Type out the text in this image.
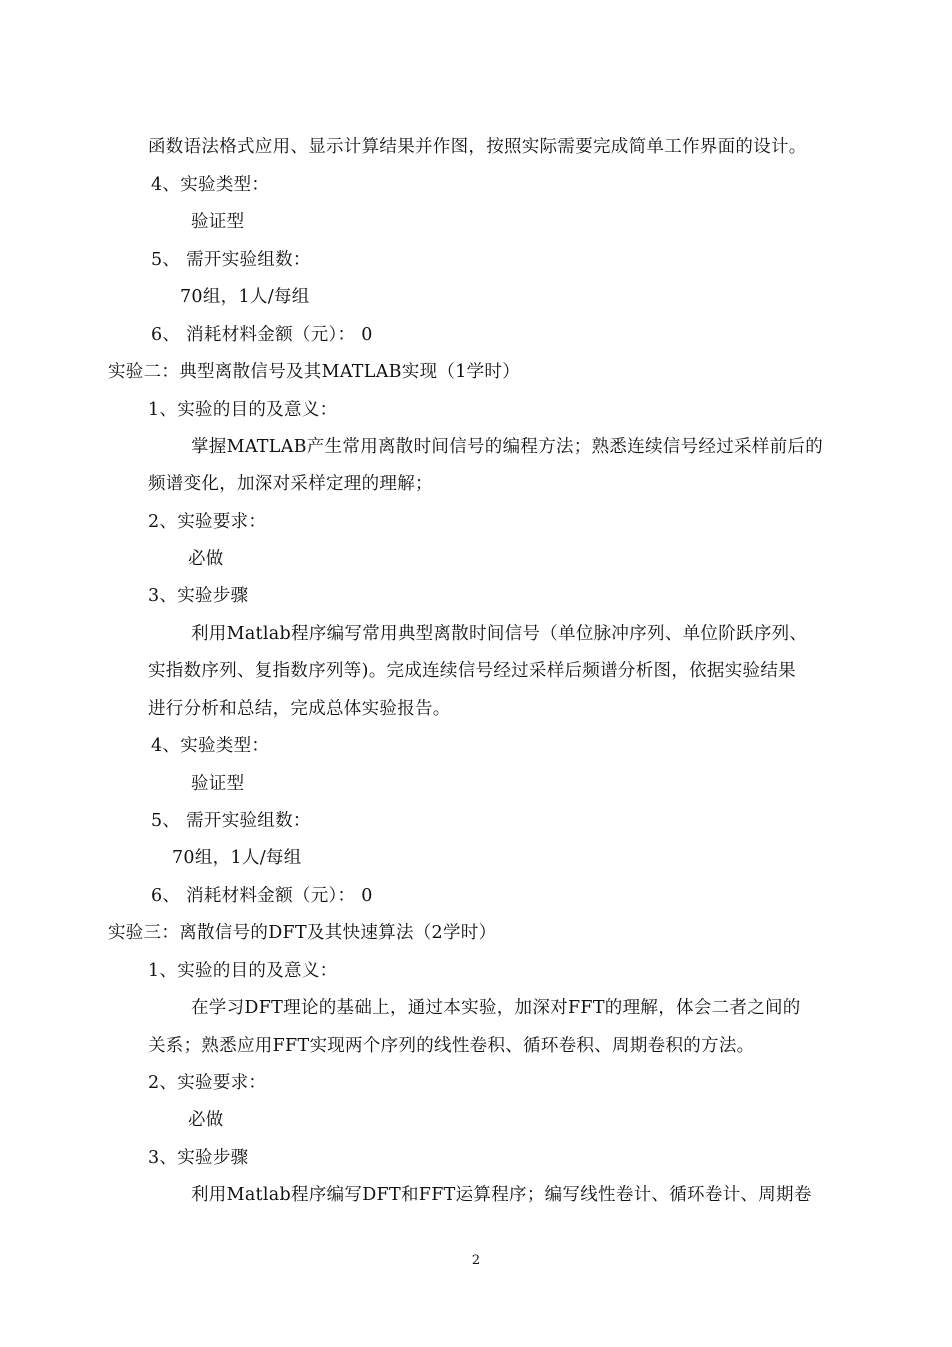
函数语法格式应用、显示计算结果并作图，按照实际需要完成简单工作界面的设计。

4、实验类型：

验证型

5、 需开实验组数：

70组，1人/每组

6、 消耗材料金额（元）： 0

实验二：典型离散信号及其MATLAB实现（1学时）

1、实验的目的及意义：

掌握MATLAB产生常用离散时间信号的编程方法；熟悉连续信号经过采样前后的

频谱变化，加深对采样定理的理解；

2、实验要求：

必做

3、实验步骤

利用Matlab程序编写常用典型离散时间信号（单位脉冲序列、单位阶跃序列、

实指数序列、复指数序列等)。完成连续信号经过采样后频谱分析图，依据实验结果

进行分析和总结，完成总体实验报告。

4、实验类型：

验证型

5、 需开实验组数：

70组，1人/每组

6、 消耗材料金额（元）： 0

实验三：离散信号的DFT及其快速算法（2学时）

1、实验的目的及意义：

在学习DFT理论的基础上，通过本实验，加深对FFT的理解，体会二者之间的

关系；熟悉应用FFT实现两个序列的线性卷积、循环卷积、周期卷积的方法。

2、实验要求：

必做

3、实验步骤

利用Matlab程序编写DFT和FFT运算程序；编写线性卷计、循环卷计、周期卷

2
